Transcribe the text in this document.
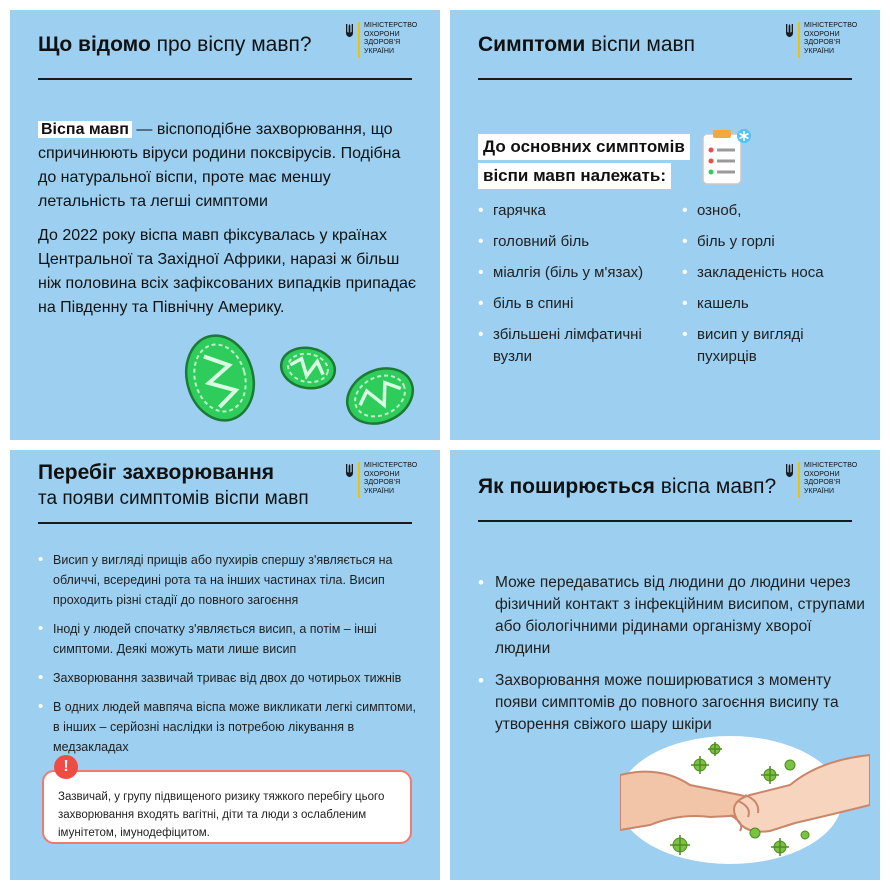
Що відомо про віспу мавп?
МІНІСТЕРСТВО
ОХОРОНИ
ЗДОРОВ'Я
УКРАЇНИ

Віспа мавп — віспоподібне захворювання, що спричинюють віруси родини поксвірусів. Подібна до натуральної віспи, проте має меншу летальність та легші симптоми

До 2022 року віспа мавп фіксувалась у країнах Центральної та Західної Африки, наразі ж більш ніж половина всіх зафіксованих випадків припадає на Південну та Північну Америку.

Симптоми віспи мавп
МІНІСТЕРСТВО
ОХОРОНИ
ЗДОРОВ'Я
УКРАЇНИ
До основних симптомів
віспи мавп належать:
• гарячка
• головний біль
• міалгія (біль у м'язах)
• біль в спині
• збільшені лімфатичні вузли
• озноб,
• біль у горлі
• закладеність носа
• кашель
• висип у вигляді пухирців
Перебіг захворювання
та появи симптомів віспи мавп
МІНІСТЕРСТВО
ОХОРОНИ
ЗДОРОВ'Я
УКРАЇНИ
• Висип у вигляді прищів або пухирів спершу з'являється на обличчі, всередині рота та на інших частинах тіла. Висип проходить різні стадії до повного загоєння
• Іноді у людей спочатку з'являється висип, а потім – інші симптоми. Деякі можуть мати лише висип
• Захворювання зазвичай триває від двох до чотирьох тижнів
• В одних людей мавпяча віспа може викликати легкі симптоми, в інших – серйозні наслідки із потребою лікування в медзакладах
Зазвичай, у групу підвищеного ризику тяжкого перебігу цього захворювання входять вагітні, діти та люди з ослабленим імунітетом, імунодефіцитом.
!
Як поширюється віспа мавп?
МІНІСТЕРСТВО
ОХОРОНИ
ЗДОРОВ'Я
УКРАЇНИ
• Може передаватись від людини до людини через фізичний контакт з інфекційним висипом, струпами або біологічними рідинами організму хворої людини
• Захворювання може поширюватися з моменту появи симптомів до повного загоєння висипу та утворення свіжого шару шкіри
